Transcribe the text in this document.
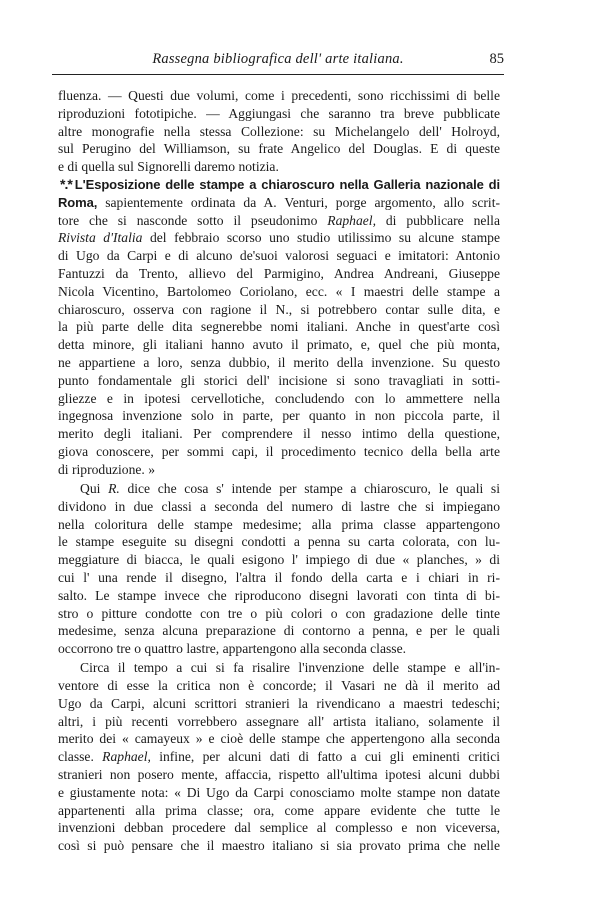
Rassegna bibliografica dell' arte italiana.	85
fluenza. — Questi due volumi, come i precedenti, sono ricchissimi di belle
riproduzioni fototipiche. — Aggiungasi che saranno tra breve pubblicate
altre monografie nella stessa Collezione: su Michelangelo dell' Holroyd,
sul Perugino del Williamson, su frate Angelico del Douglas. E di queste
e di quella sul Signorelli daremo notizia.
*.* L'Esposizione delle stampe a chiaroscuro nella Galleria nazionale di
Roma, sapientemente ordinata da A. Venturi, porge argomento, allo scrit-
tore che si nasconde sotto il pseudonimo Raphael, di pubblicare nella
Rivista d'Italia del febbraio scorso uno studio utilissimo su alcune stampe
di Ugo da Carpi e di alcuno de'suoi valorosi seguaci e imitatori: Antonio
Fantuzzi da Trento, allievo del Parmigino, Andrea Andreani, Giuseppe
Nicola Vicentino, Bartolomeo Coriolano, ecc. « I maestri delle stampe a
chiaroscuro, osserva con ragione il N., si potrebbero contar sulle dita, e
la più parte delle dita segnerebbe nomi italiani. Anche in quest'arte così
detta minore, gli italiani hanno avuto il primato, e, quel che più monta,
ne appartiene a loro, senza dubbio, il merito della invenzione. Su questo
punto fondamentale gli storici dell' incisione si sono travagliati in sotti-
gliezze e in ipotesi cervellotiche, concludendo con lo ammettere nella
ingegnosa invenzione solo in parte, per quanto in non piccola parte, il
merito degli italiani. Per comprendere il nesso intimo della questione,
giova conoscere, per sommi capi, il procedimento tecnico della bella arte
di riproduzione. »
Qui R. dice che cosa s' intende per stampe a chiaroscuro, le quali si
dividono in due classi a seconda del numero di lastre che si impiegano
nella coloritura delle stampe medesime; alla prima classe appartengono
le stampe eseguite su disegni condotti a penna su carta colorata, con lu-
meggiature di biacca, le quali esigono l' impiego di due « planches, » di
cui l' una rende il disegno, l'altra il fondo della carta e i chiari in ri-
salto. Le stampe invece che riproducono disegni lavorati con tinta di bi-
stro o pitture condotte con tre o più colori o con gradazione delle tinte
medesime, senza alcuna preparazione di contorno a penna, e per le quali
occorrono tre o quattro lastre, appartengono alla seconda classe.
Circa il tempo a cui si fa risalire l'invenzione delle stampe e all'in-
ventore di esse la critica non è concorde; il Vasari ne dà il merito ad
Ugo da Carpi, alcuni scrittori stranieri la rivendicano a maestri tedeschi;
altri, i più recenti vorrebbero assegnare all' artista italiano, solamente il
merito dei « camayeux » e cioè delle stampe che appertengono alla seconda
classe. Raphael, infine, per alcuni dati di fatto a cui gli eminenti critici
stranieri non posero mente, affaccia, rispetto all'ultima ipotesi alcuni dubbi
e giustamente nota: « Di Ugo da Carpi conosciamo molte stampe non datate
appartenenti alla prima classe; ora, come appare evidente che tutte le
invenzioni debban procedere dal semplice al complesso e non viceversa,
così si può pensare che il maestro italiano si sia provato prima che nelle
